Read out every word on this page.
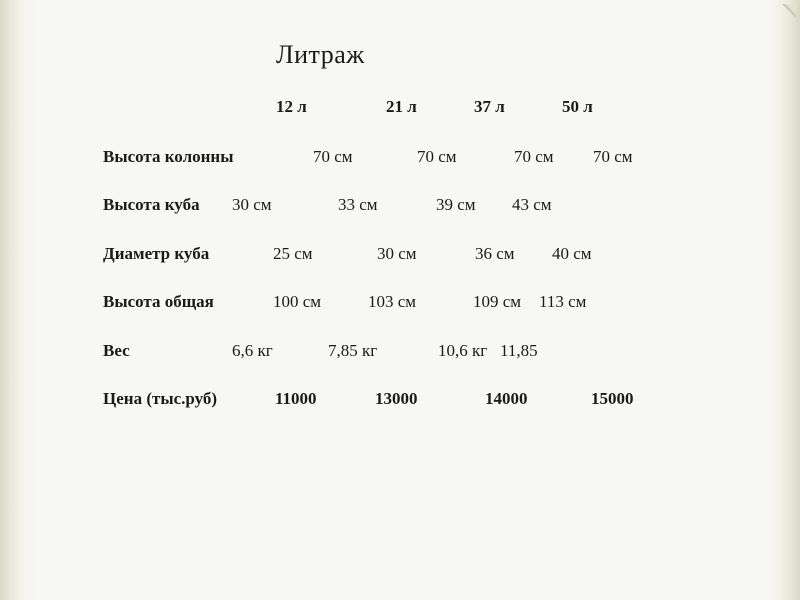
Литраж
12 л	21 л	37 л	50 л
Высота колонны	70 см	70 см	70 см 70 см
Высота куба 30 см	33 см	39 см 43 см
Диаметр куба	25 см	30 см	36 см 40 см
Высота общая	100 см	103 см	109 см 113 см
Вес	6,6 кг	7,85 кг	10,6 кг 11,85
Цена (тыс.руб)	11000	13000	14000	15000
